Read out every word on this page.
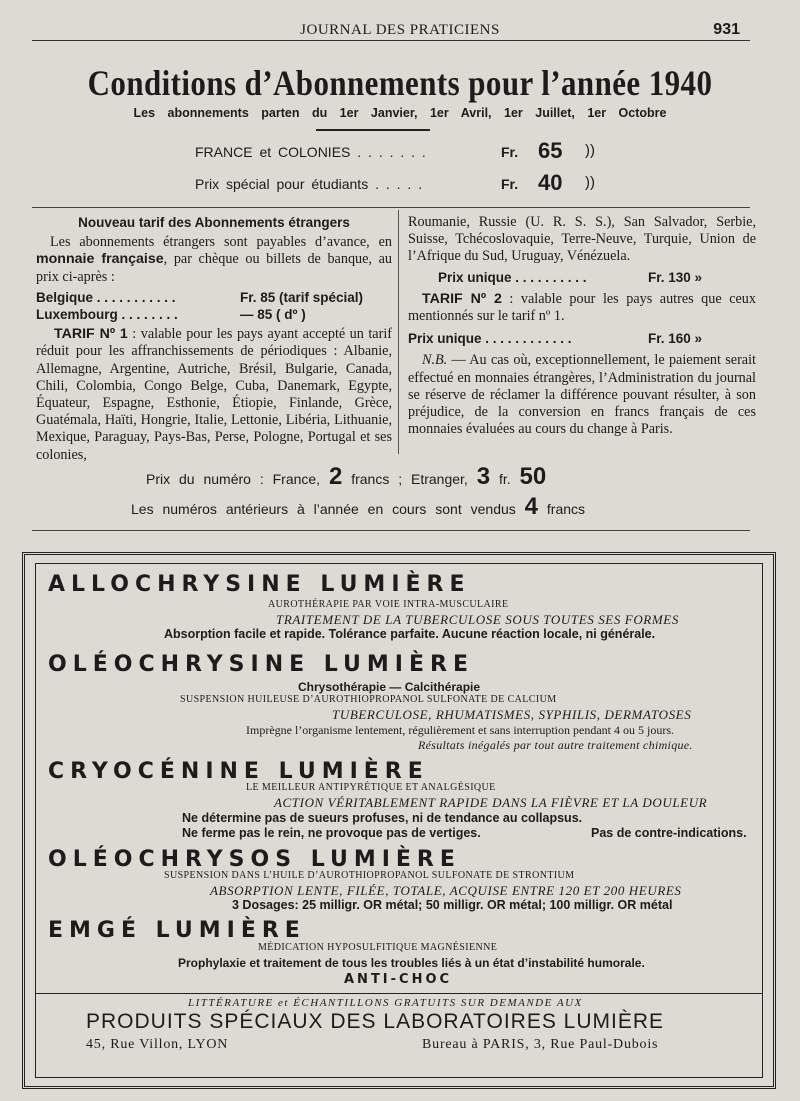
JOURNAL DES PRATICIENS	931
Conditions d’Abonnements pour l’année 1940
Les abonnements parten du 1er Janvier, 1er Avril, 1er Juillet, 1er Octobre
FRANCE et COLONIES . . . . . . .	Fr. 65 ))
Prix spécial pour étudiants . . . . .	Fr. 40 ))

Nouveau tarif des Abonnements étrangers

Les abonnements étrangers sont payables d’avance, en monnaie française, par chèque ou billets de banque, au prix ci-après :

Belgique . . . . . . . . . . .	Fr. 85 (tarif spécial)
Luxembourg . . . . . . . .	— 85 ( dº )

TARIF Nº 1 : valable pour les pays ayant accepté un tarif réduit pour les affranchissements de périodiques : Albanie, Allemagne, Argentine, Autriche, Brésil, Bulgarie, Canada, Chili, Colombia, Congo Belge, Cuba, Danemark, Egypte, Équateur, Espagne, Esthonie, Étiopie, Finlande, Grèce, Guatémala, Haïti, Hongrie, Italie, Lettonie, Libéria, Lithuanie, Mexique, Paraguay, Pays-Bas, Perse, Pologne, Portugal et ses colonies,

Roumanie, Russie (U. R. S. S.), San Salvador, Serbie, Suisse, Tchécoslovaquie, Terre-Neuve, Turquie, Union de l’Afrique du Sud, Uruguay, Vénézuela.

Prix unique . . . . . . . . . .	Fr. 130 »

TARIF Nº 2 : valable pour les pays autres que ceux mentionnés sur le tarif nº 1.

Prix unique . . . . . . . . . . . .	Fr. 160 »

N.B. — Au cas où, exceptionnellement, le paiement serait effectué en monnaies étrangères, l’Administration du journal se réserve de réclamer la différence pouvant résulter, à son préjudice, de la conversion en francs français de ces monnaies évaluées au cours du change à Paris.

Prix du numéro : France, 2 francs ; Etranger, 3 fr. 50
Les numéros antérieurs à l’année en cours sont vendus 4 francs
ALLOCHRYSINE LUMIÈRE
AUROTHÉRAPIE PAR VOIE INTRA-MUSCULAIRE
TRAITEMENT DE LA TUBERCULOSE SOUS TOUTES SES FORMES
Absorption facile et rapide. Tolérance parfaite. Aucune réaction locale, ni générale.
OLÉOCHRYSINE LUMIÈRE
Chrysothérapie — Calcithérapie
SUSPENSION HUILEUSE D’AUROTHIOPROPANOL SULFONATE DE CALCIUM
TUBERCULOSE, RHUMATISMES, SYPHILIS, DERMATOSES
Imprègne l’organisme lentement, régulièrement et sans interruption pendant 4 ou 5 jours.
Résultats inégalés par tout autre traitement chimique.
CRYOCÉNINE LUMIÈRE
LE MEILLEUR ANTIPYRÉTIQUE ET ANALGÉSIQUE
ACTION VÉRITABLEMENT RAPIDE DANS LA FIÈVRE ET LA DOULEUR
Ne détermine pas de sueurs profuses, ni de tendance au collapsus.
Ne ferme pas le rein, ne provoque pas de vertiges.	Pas de contre-indications.
OLÉOCHRYSOS LUMIÈRE
SUSPENSION DANS L’HUILE D’AUROTHIOPROPANOL SULFONATE DE STRONTIUM
ABSORPTION LENTE, FILÉE, TOTALE, ACQUISE ENTRE 120 ET 200 HEURES
3 Dosages: 25 milligr. OR métal; 50 milligr. OR métal; 100 milligr. OR métal
EMGÉ LUMIÈRE
MÉDICATION HYPOSULFITIQUE MAGNÉSIENNE
Prophylaxie et traitement de tous les troubles liés à un état d’instabilité humorale.
ANTI-CHOC
LITTÉRATURE et ÉCHANTILLONS GRATUITS SUR DEMANDE AUX
PRODUITS SPÉCIAUX DES LABORATOIRES LUMIÈRE
45, Rue Villon, LYON	Bureau à PARIS, 3, Rue Paul-Dubois
